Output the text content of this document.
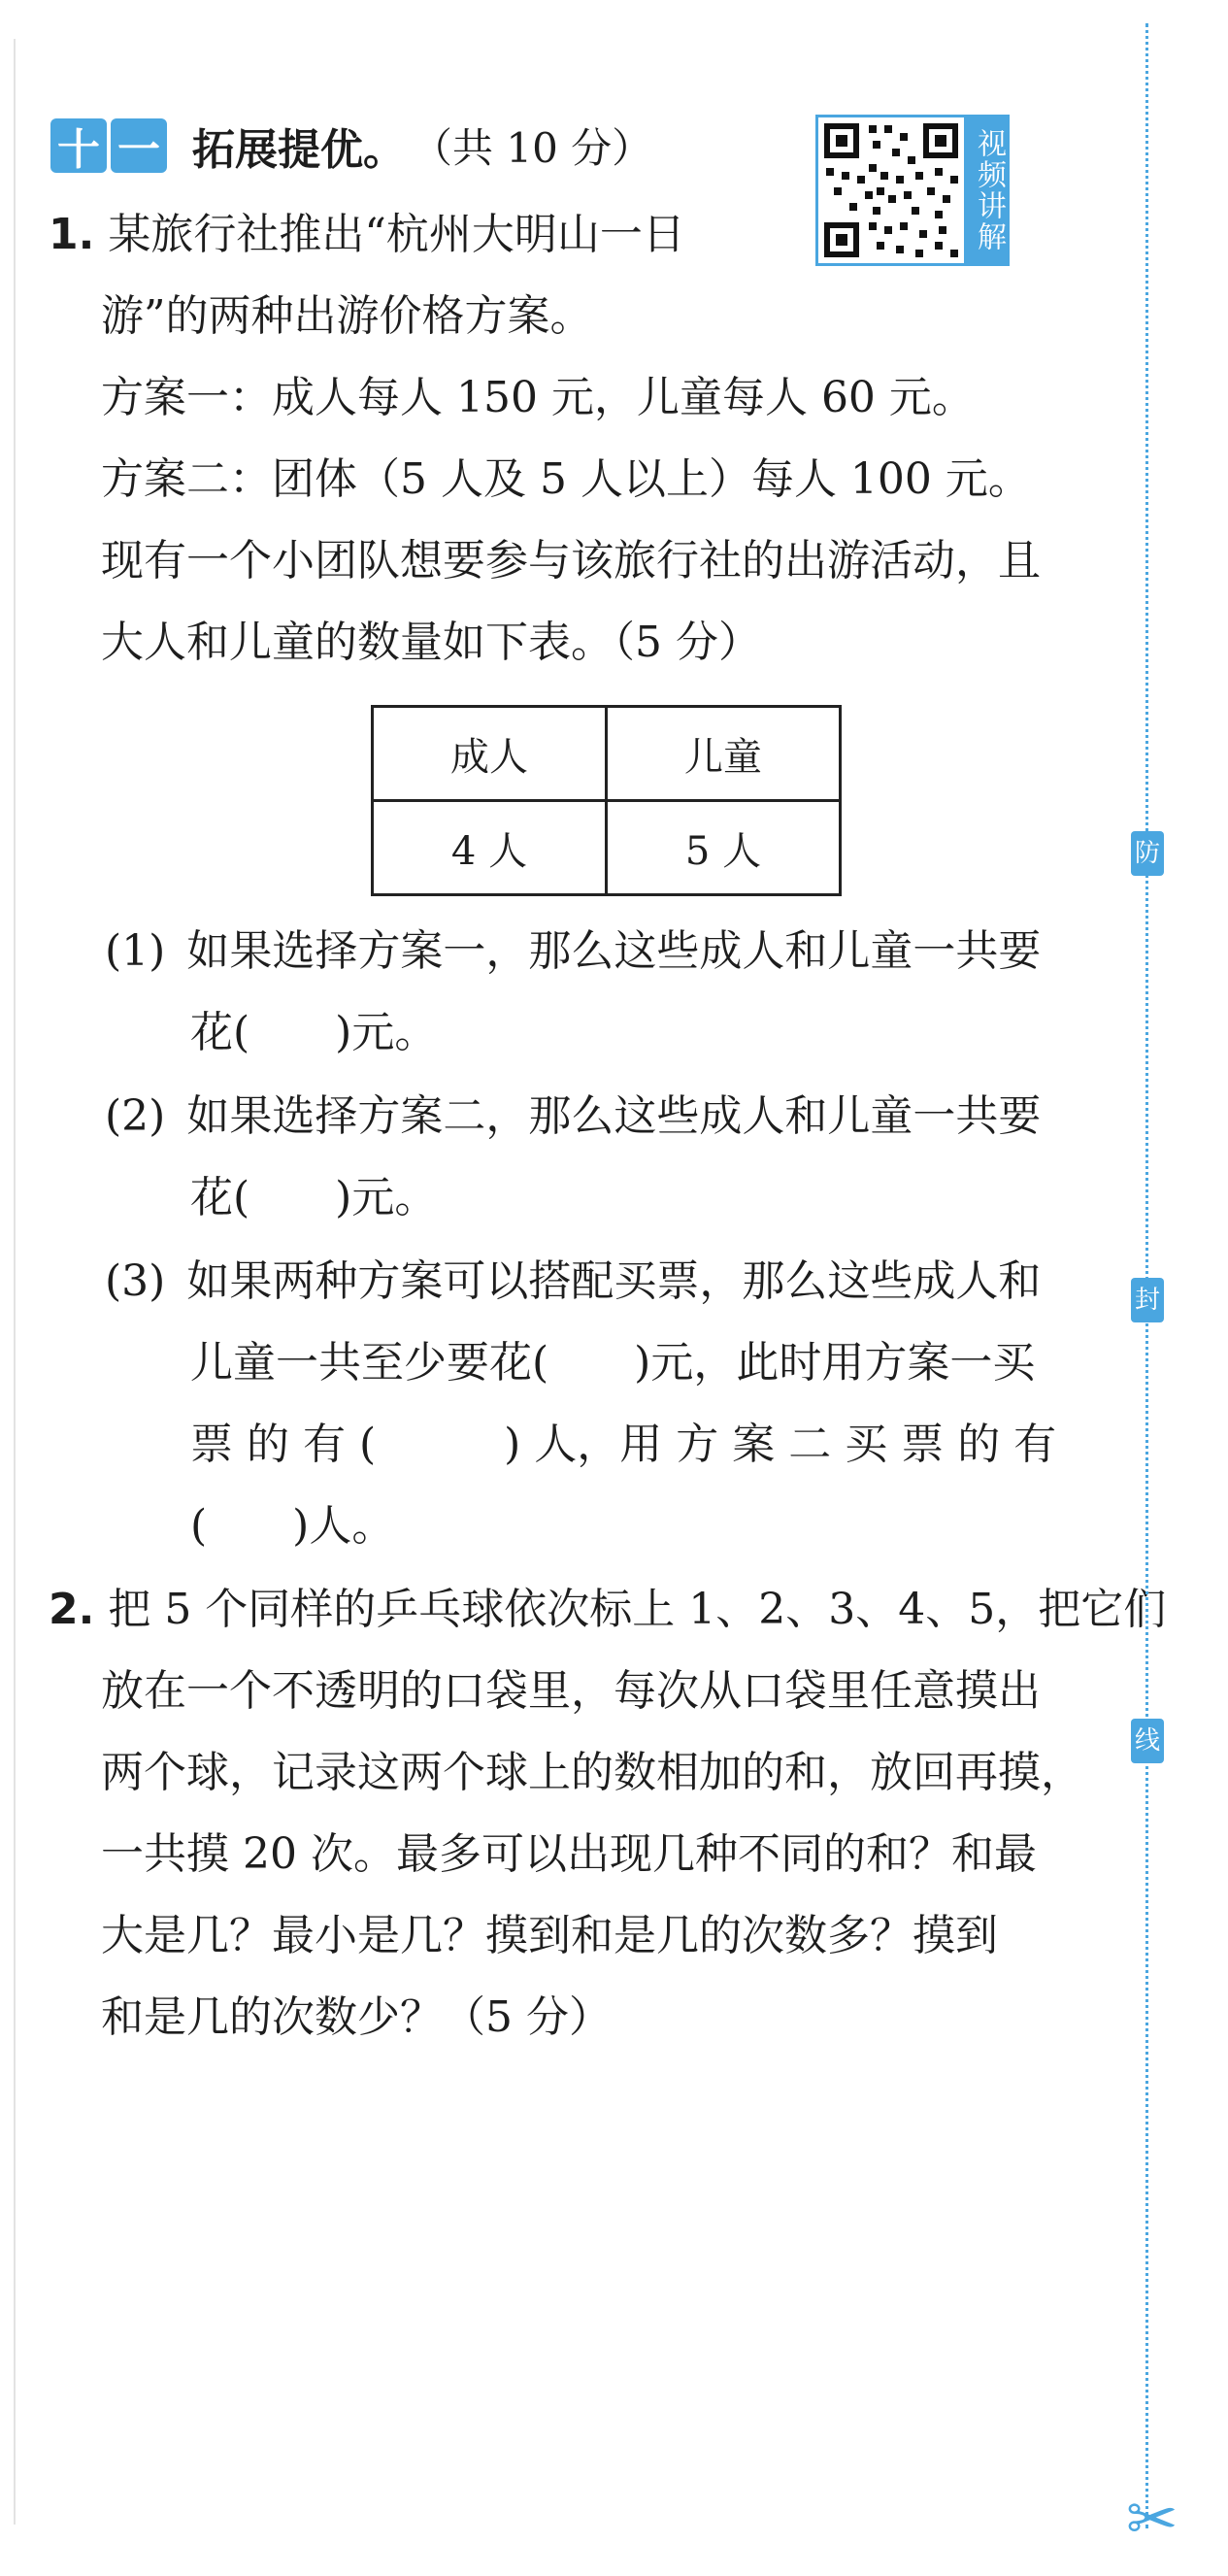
十 一 拓展提优。 （共 10 分）	视频讲解
1. 某旅行社推出“杭州大明山一日
游”的两种出游价格方案。
方案一：成人每人 150 元，儿童每人 60 元。
方案二：团体（5 人及 5 人以上）每人 100 元。
现有一个小团队想要参与该旅行社的出游活动，且
大人和儿童的数量如下表。（5 分）
成人	儿童
4 人	5 人
(1) 如果选择方案一，那么这些成人和儿童一共要
花(　　)元。
(2) 如果选择方案二，那么这些成人和儿童一共要
花(　　)元。
(3) 如果两种方案可以搭配买票，那么这些成人和
儿童一共至少要花(　　)元，此时用方案一买
票 的 有 (　　　) 人，用 方 案 二 买 票 的 有
(　　)人。
2. 把 5 个同样的乒乓球依次标上 1、2、3、4、5，把它们
放在一个不透明的口袋里，每次从口袋里任意摸出
两个球，记录这两个球上的数相加的和，放回再摸，
一共摸 20 次。最多可以出现几种不同的和？和最
大是几？最小是几？摸到和是几的次数多？摸到
和是几的次数少？（5 分）
防
封
线
✂
